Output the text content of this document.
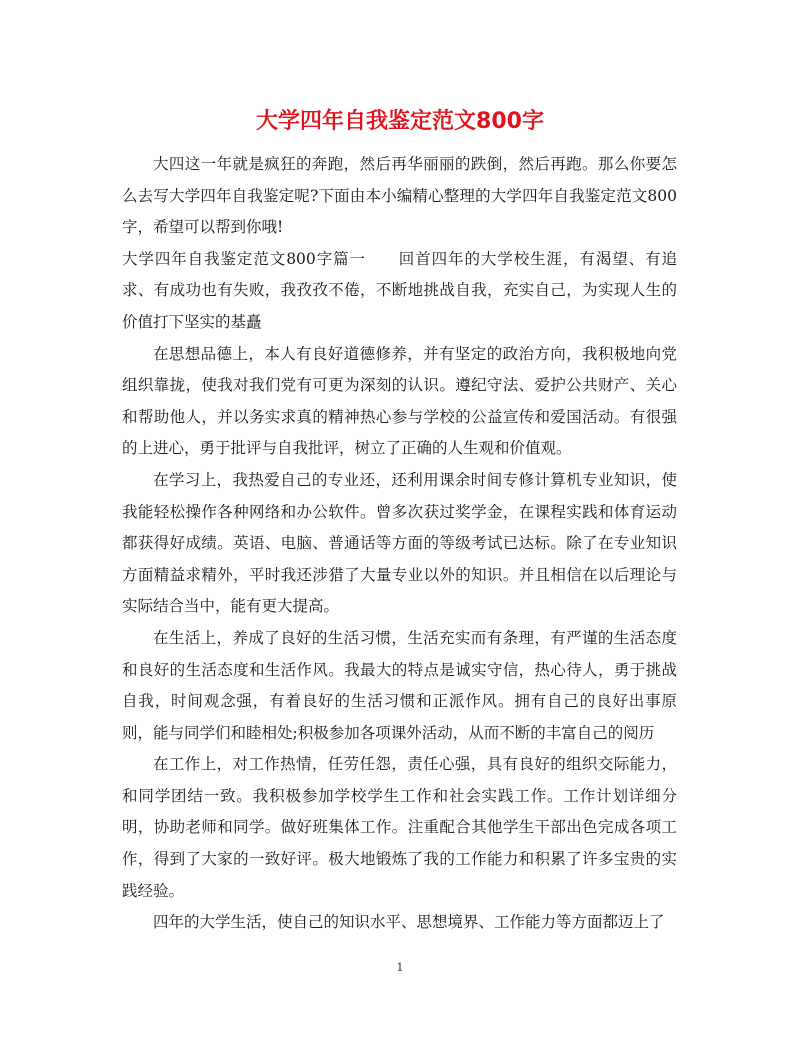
大学四年自我鉴定范文800字

大四这一年就是疯狂的奔跑，然后再华丽丽的跌倒，然后再跑。那么你要怎么去写大学四年自我鉴定呢?下面由本小编精心整理的大学四年自我鉴定范文800字，希望可以帮到你哦!

大学四年自我鉴定范文800字篇一　　回首四年的大学校生涯，有渴望、有追求、有成功也有失败，我孜孜不倦，不断地挑战自我，充实自己，为实现人生的价值打下坚实的基矗

在思想品德上，本人有良好道德修养，并有坚定的政治方向，我积极地向党组织靠拢，使我对我们党有可更为深刻的认识。遵纪守法、爱护公共财产、关心和帮助他人，并以务实求真的精神热心参与学校的公益宣传和爱国活动。有很强的上进心，勇于批评与自我批评，树立了正确的人生观和价值观。

在学习上，我热爱自己的专业还，还利用课余时间专修计算机专业知识，使我能轻松操作各种网络和办公软件。曾多次获过奖学金，在课程实践和体育运动都获得好成绩。英语、电脑、普通话等方面的等级考试已达标。除了在专业知识方面精益求精外，平时我还涉猎了大量专业以外的知识。并且相信在以后理论与实际结合当中，能有更大提高。

在生活上，养成了良好的生活习惯，生活充实而有条理，有严谨的生活态度和良好的生活态度和生活作风。我最大的特点是诚实守信，热心待人，勇于挑战自我，时间观念强，有着良好的生活习惯和正派作风。拥有自己的良好出事原则，能与同学们和睦相处;积极参加各项课外活动，从而不断的丰富自己的阅历

在工作上，对工作热情，任劳任怨，责任心强，具有良好的组织交际能力，和同学团结一致。我积极参加学校学生工作和社会实践工作。工作计划详细分明，协助老师和同学。做好班集体工作。注重配合其他学生干部出色完成各项工作，得到了大家的一致好评。极大地锻炼了我的工作能力和积累了许多宝贵的实践经验。

四年的大学生活，使自己的知识水平、思想境界、工作能力等方面都迈上了

1
